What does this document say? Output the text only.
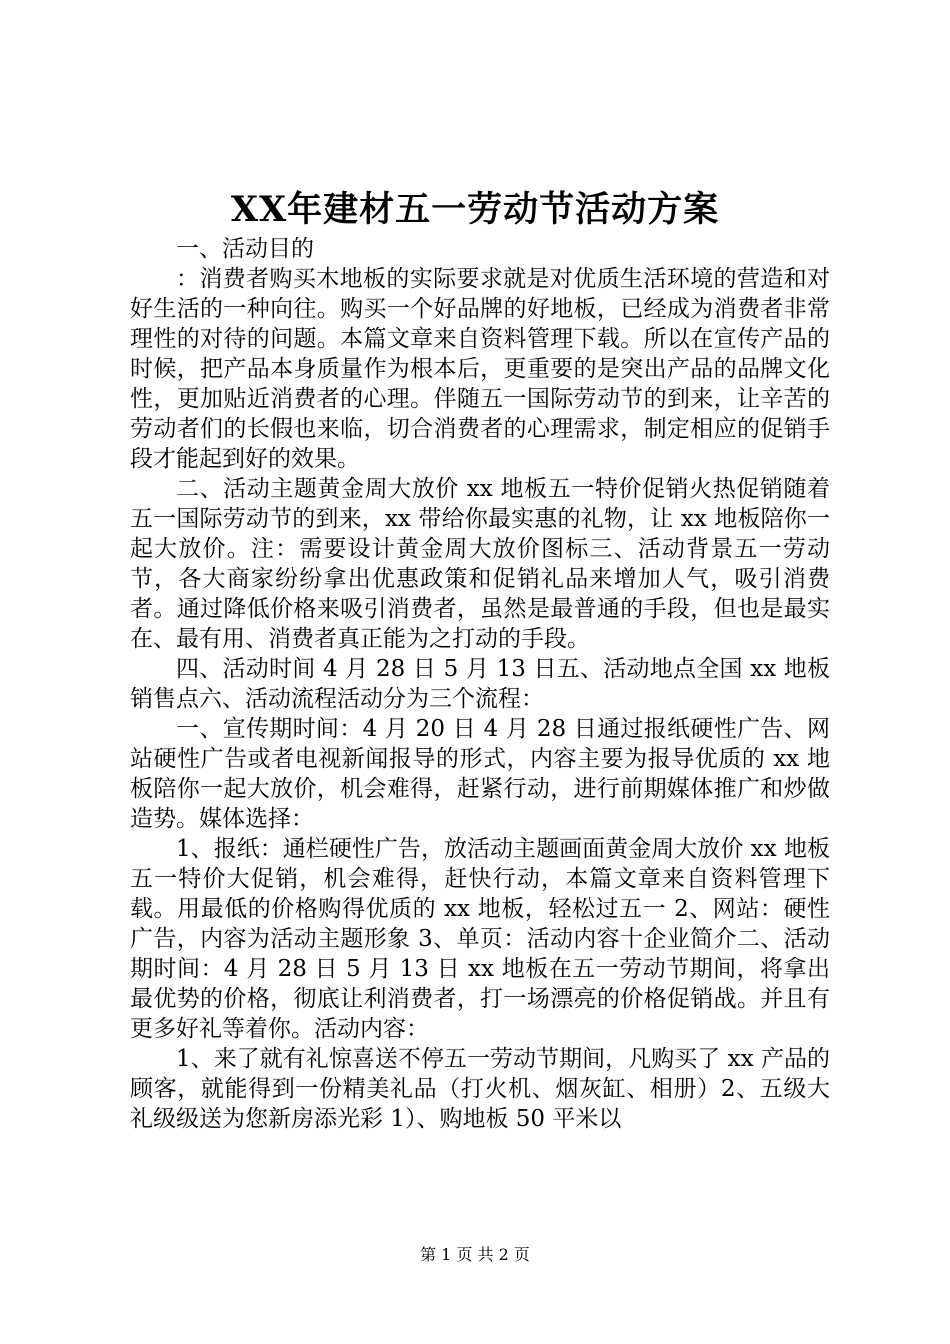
XX年建材五一劳动节活动方案

一、活动目的

：消费者购买木地板的实际要求就是对优质生活环境的营造和对好生活的一种向往。购买一个好品牌的好地板，已经成为消费者非常理性的对待的问题。本篇文章来自资料管理下载。所以在宣传产品的时候，把产品本身质量作为根本后，更重要的是突出产品的品牌文化性，更加贴近消费者的心理。伴随五一国际劳动节的到来，让辛苦的劳动者们的长假也来临，切合消费者的心理需求，制定相应的促销手段才能起到好的效果。

二、活动主题黄金周大放价 xx 地板五一特价促销火热促销随着五一国际劳动节的到来，xx 带给你最实惠的礼物，让 xx 地板陪你一起大放价。注：需要设计黄金周大放价图标三、活动背景五一劳动节，各大商家纷纷拿出优惠政策和促销礼品来增加人气，吸引消费者。通过降低价格来吸引消费者，虽然是最普通的手段，但也是最实在、最有用、消费者真正能为之打动的手段。

四、活动时间 4 月 28 日 5 月 13 日五、活动地点全国 xx 地板销售点六、活动流程活动分为三个流程：

一、宣传期时间：4 月 20 日 4 月 28 日通过报纸硬性广告、网站硬性广告或者电视新闻报导的形式，内容主要为报导优质的 xx 地板陪你一起大放价，机会难得，赶紧行动，进行前期媒体推广和炒做造势。媒体选择：

1、报纸：通栏硬性广告，放活动主题画面黄金周大放价 xx 地板五一特价大促销，机会难得，赶快行动，本篇文章来自资料管理下载。用最低的价格购得优质的 xx 地板，轻松过五一 2、网站：硬性广告，内容为活动主题形象 3、单页：活动内容十企业简介二、活动期时间：4 月 28 日 5 月 13 日 xx 地板在五一劳动节期间，将拿出最优势的价格，彻底让利消费者，打一场漂亮的价格促销战。并且有更多好礼等着你。活动内容：

1、来了就有礼惊喜送不停五一劳动节期间，凡购买了 xx 产品的顾客，就能得到一份精美礼品（打火机、烟灰缸、相册）2、五级大礼级级送为您新房添光彩 1）、购地板 50 平米以

第 1 页 共 2 页
